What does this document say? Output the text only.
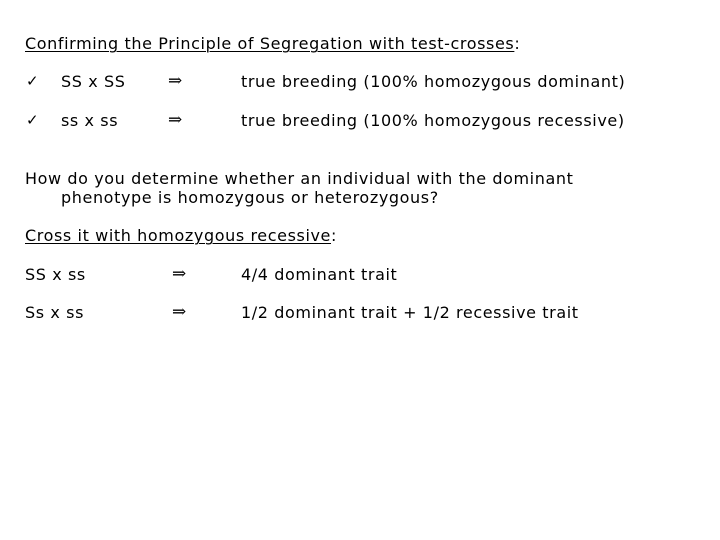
Confirming the Principle of Segregation with test-crosses:
✓ SS x SS	⇒	true breeding (100% homozygous dominant)
✓ ss x ss	⇒	true breeding (100% homozygous recessive)
How do you determine whether an individual with the dominant
phenotype is homozygous or heterozygous?
Cross it with homozygous recessive:
SS x ss	⇒	4/4 dominant trait
Ss x ss	⇒	1/2 dominant trait + 1/2 recessive trait
